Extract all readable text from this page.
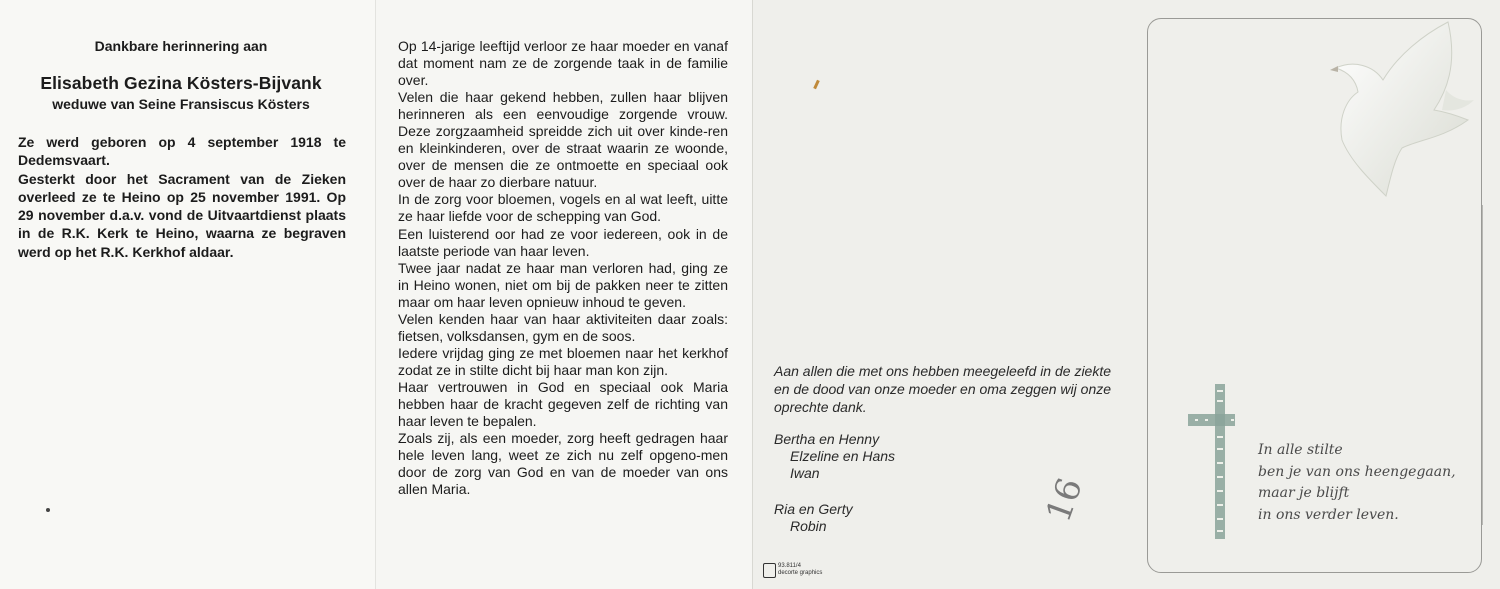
Dankbare herinnering aan
Elisabeth Gezina Kösters-Bijvank
weduwe van Seine Fransiscus Kösters

Ze werd geboren op 4 september 1918 te Dedemsvaart.

Gesterkt door het Sacrament van de Zieken overleed ze te Heino op 25 november 1991. Op 29 november d.a.v. vond de Uitvaartdienst plaats in de R.K. Kerk te Heino, waarna ze begraven werd op het R.K. Kerkhof aldaar.

Op 14-jarige leeftijd verloor ze haar moeder en vanaf dat moment nam ze de zorgende taak in de familie over.

Velen die haar gekend hebben, zullen haar blijven herinneren als een eenvoudige zorgende vrouw. Deze zorgzaamheid spreidde zich uit over kinde-ren en kleinkinderen, over de straat waarin ze woonde, over de mensen die ze ontmoette en speciaal ook over de haar zo dierbare natuur.

In de zorg voor bloemen, vogels en al wat leeft, uitte ze haar liefde voor de schepping van God.

Een luisterend oor had ze voor iedereen, ook in de laatste periode van haar leven.

Twee jaar nadat ze haar man verloren had, ging ze in Heino wonen, niet om bij de pakken neer te zitten maar om haar leven opnieuw inhoud te geven.

Velen kenden haar van haar aktiviteiten daar zoals: fietsen, volksdansen, gym en de soos.

Iedere vrijdag ging ze met bloemen naar het kerkhof zodat ze in stilte dicht bij haar man kon zijn.

Haar vertrouwen in God en speciaal ook Maria hebben haar de kracht gegeven zelf de richting van haar leven te bepalen.

Zoals zij, als een moeder, zorg heeft gedragen haar hele leven lang, weet ze zich nu zelf opgeno-men door de zorg van God en van de moeder van ons allen Maria.

Aan allen die met ons hebben meegeleefd in de ziekte en de dood van onze moeder en oma zeggen wij onze oprechte dank.
Bertha en Henny
Elzeline en Hans
Iwan
Ria en Gerty
Robin	16
93.811/4
decorte graphics
In alle stilte
ben je van ons heengegaan,
maar je blijft
in ons verder leven.
